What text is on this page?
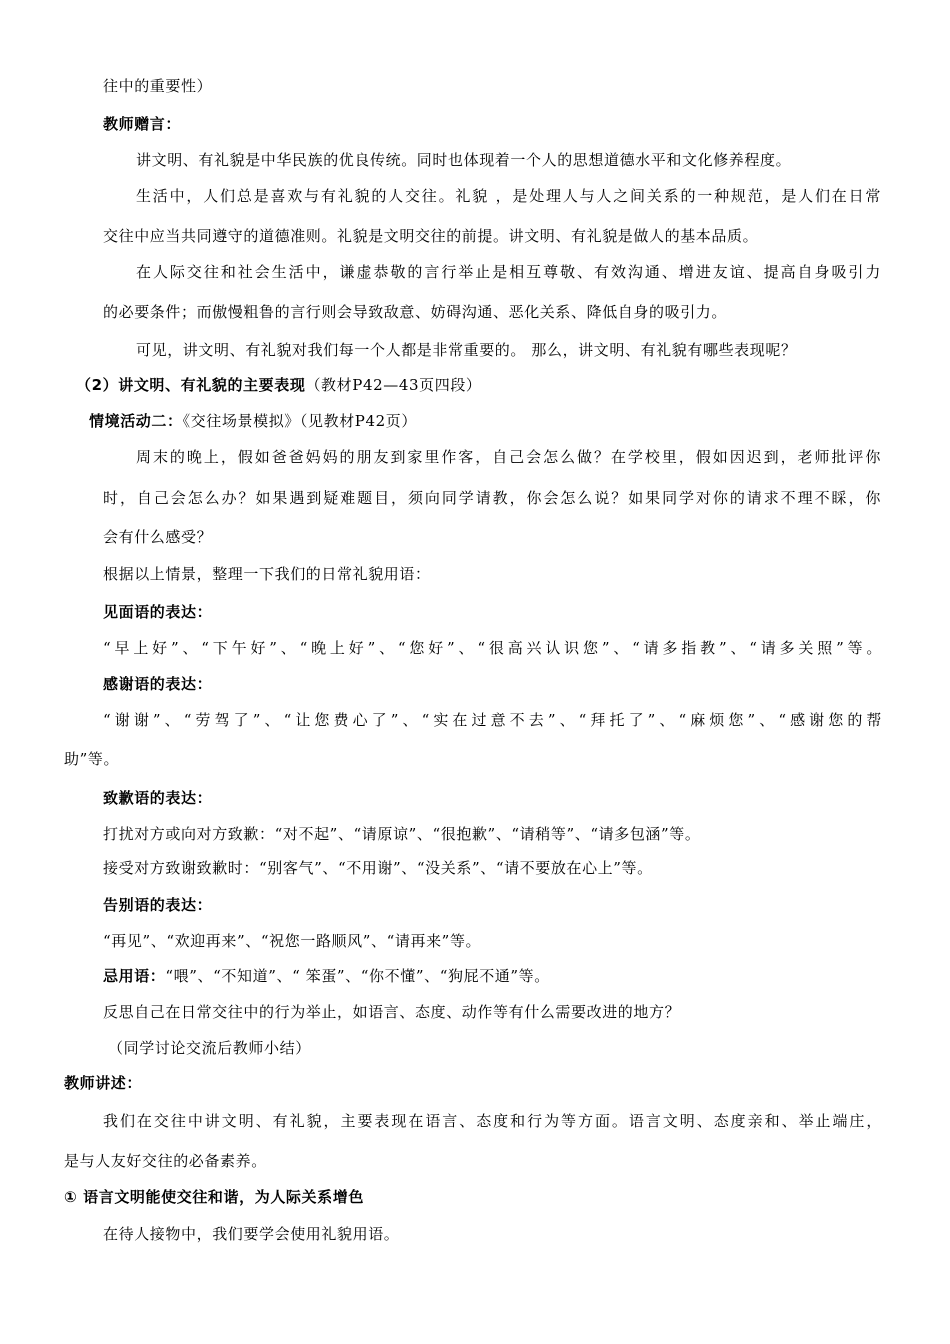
往中的重要性）
教师赠言：
讲文明、有礼貌是中华民族的优良传统。同时也体现着一个人的思想道德水平和文化修养程度。
生活中，人们总是喜欢与有礼貌的人交往。礼貌 ，是处理人与人之间关系的一种规范，是人们在日常
交往中应当共同遵守的道德准则。礼貌是文明交往的前提。讲文明、有礼貌是做人的基本品质。
在人际交往和社会生活中，谦虚恭敬的言行举止是相互尊敬、有效沟通、增进友谊、提高自身吸引力
的必要条件；而傲慢粗鲁的言行则会导致敌意、妨碍沟通、恶化关系、降低自身的吸引力。
可见，讲文明、有礼貌对我们每一个人都是非常重要的。 那么，讲文明、有礼貌有哪些表现呢？
（2）讲文明、有礼貌的主要表现（教材P42—43页四段）
情境活动二：《交往场景模拟》（见教材P42页）
周末的晚上，假如爸爸妈妈的朋友到家里作客，自己会怎么做？在学校里，假如因迟到，老师批评你
时，自己会怎么办？如果遇到疑难题目，须向同学请教，你会怎么说？如果同学对你的请求不理不睬，你
会有什么感受？
根据以上情景，整理一下我们的日常礼貌用语：
见面语的表达：
“早上好”、“下午好”、“晚上好”、“您好”、“很高兴认识您”、“请多指教”、“请多关照”等。
感谢语的表达：
“谢谢”、“劳驾了”、“让您费心了”、“实在过意不去”、“拜托了”、“麻烦您”、“感谢您的帮
助”等。
致歉语的表达：
打扰对方或向对方致歉：“对不起”、“请原谅”、“很抱歉”、“请稍等”、“请多包涵”等。
接受对方致谢致歉时：“别客气”、“不用谢”、“没关系”、“请不要放在心上”等。
告别语的表达：
“再见”、“欢迎再来”、“祝您一路顺风”、“请再来”等。
忌用语：“喂”、“不知道”、“ 笨蛋”、“你不懂”、“狗屁不通”等。
反思自己在日常交往中的行为举止，如语言、态度、动作等有什么需要改进的地方？
（同学讨论交流后教师小结）
教师讲述：
我们在交往中讲文明、有礼貌，主要表现在语言、态度和行为等方面。语言文明、态度亲和、举止端庄，
是与人友好交往的必备素养。
① 语言文明能使交往和谐，为人际关系增色
在待人接物中，我们要学会使用礼貌用语。
